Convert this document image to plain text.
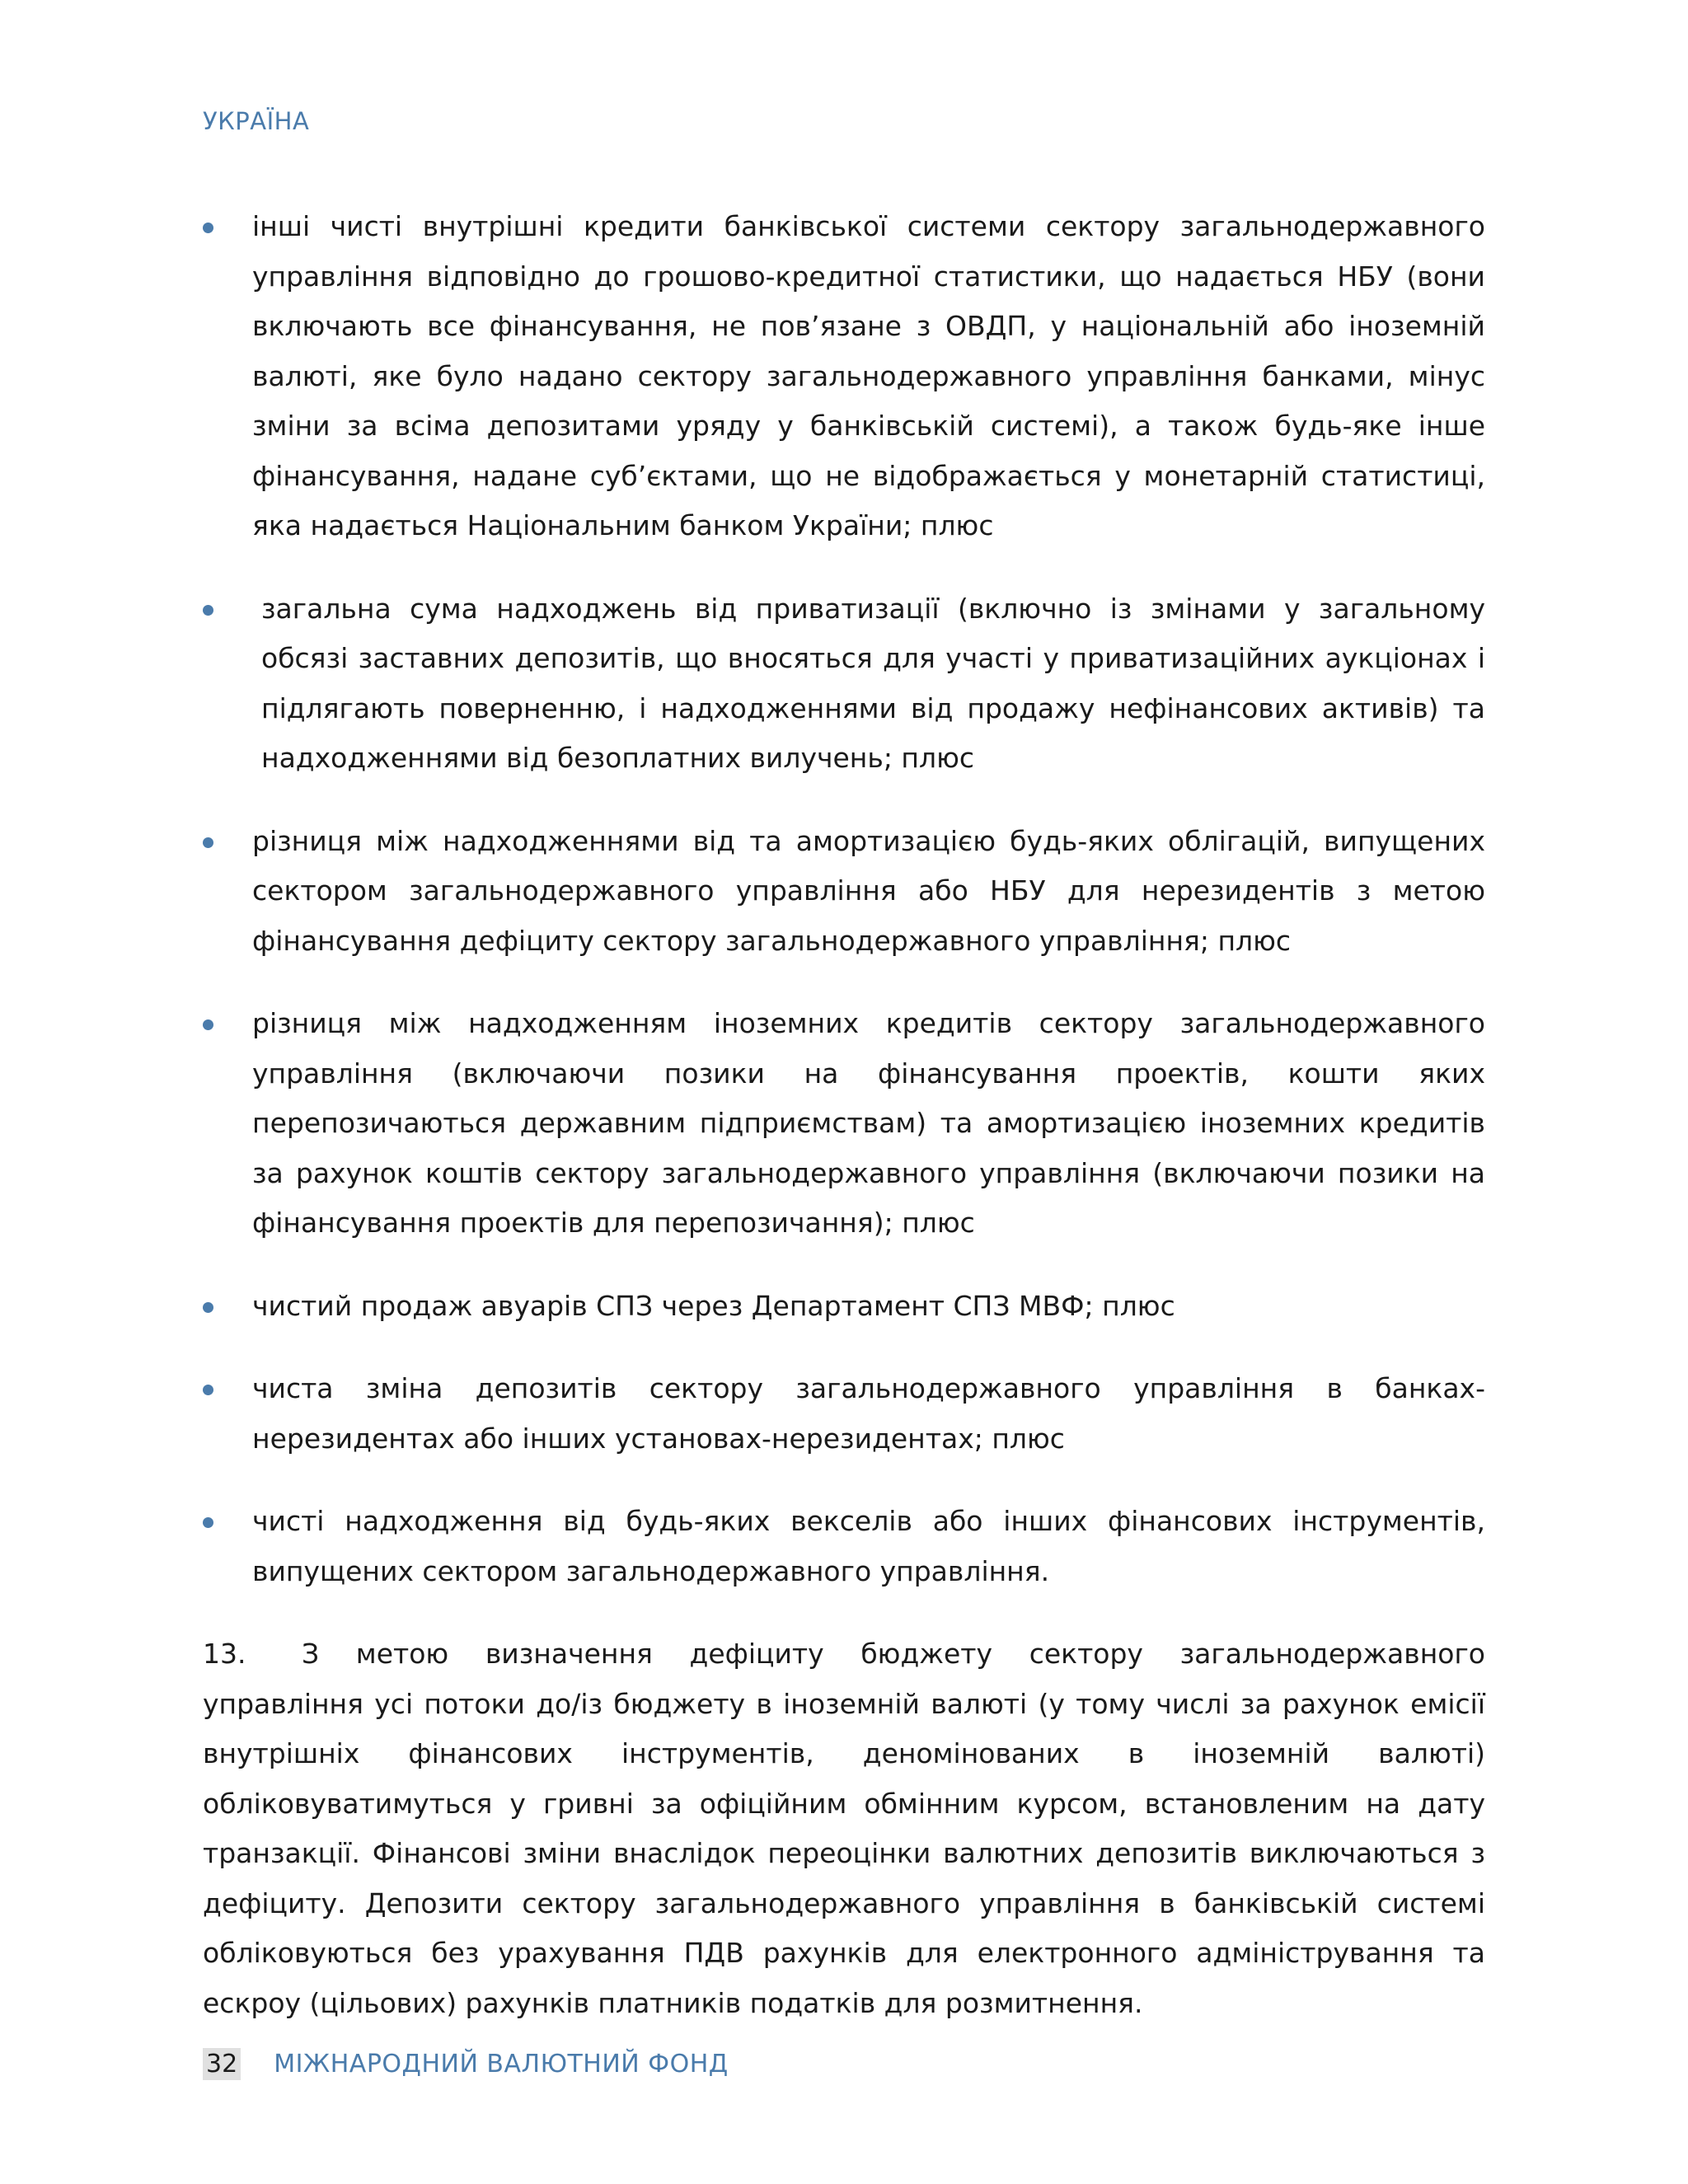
УКРАЇНА
інші чисті внутрішні кредити банківської системи сектору загальнодержавного управління відповідно до грошово-кредитної статистики, що надається НБУ (вони включають все фінансування, не пов’язане з ОВДП, у національній або іноземній валюті, яке було надано сектору загальнодержавного управління банками, мінус зміни за всіма депозитами уряду у банківській системі), а також будь-яке інше фінансування, надане суб’єктами, що не відображається у монетарній статистиці, яка надається Національним банком України; плюс
загальна сума надходжень від приватизації (включно із змінами у загальному обсязі заставних депозитів, що вносяться для участі у приватизаційних аукціонах і підлягають поверненню, і надходженнями від продажу нефінансових активів) та надходженнями від безоплатних вилучень; плюс
різниця між надходженнями від та амортизацією будь-яких облігацій, випущених сектором загальнодержавного управління або НБУ для нерезидентів з метою фінансування дефіциту сектору загальнодержавного управління; плюс
різниця між надходженням іноземних кредитів сектору загальнодержавного управління (включаючи позики на фінансування проектів, кошти яких перепозичаються державним підприємствам) та амортизацією іноземних кредитів за рахунок коштів сектору загальнодержавного управління (включаючи позики на фінансування проектів для перепозичання); плюс
чистий продаж авуарів СПЗ через Департамент СПЗ МВФ; плюс
чиста зміна депозитів сектору загальнодержавного управління в банках-нерезидентах або інших установах-нерезидентах; плюс
чисті надходження від будь-яких векселів або інших фінансових інструментів, випущених сектором загальнодержавного управління.
13. З метою визначення дефіциту бюджету сектору загальнодержавного управління усі потоки до/із бюджету в іноземній валюті (у тому числі за рахунок емісії внутрішніх фінансових інструментів, деномінованих в іноземній валюті) обліковуватимуться у гривні за офіційним обмінним курсом, встановленим на дату транзакції. Фінансові зміни внаслідок переоцінки валютних депозитів виключаються з дефіциту. Депозити сектору загальнодержавного управління в банківській системі обліковуються без урахування ПДВ рахунків для електронного адміністрування та ескроу (цільових) рахунків платників податків для розмитнення.
32 МІЖНАРОДНИЙ ВАЛЮТНИЙ ФОНД
